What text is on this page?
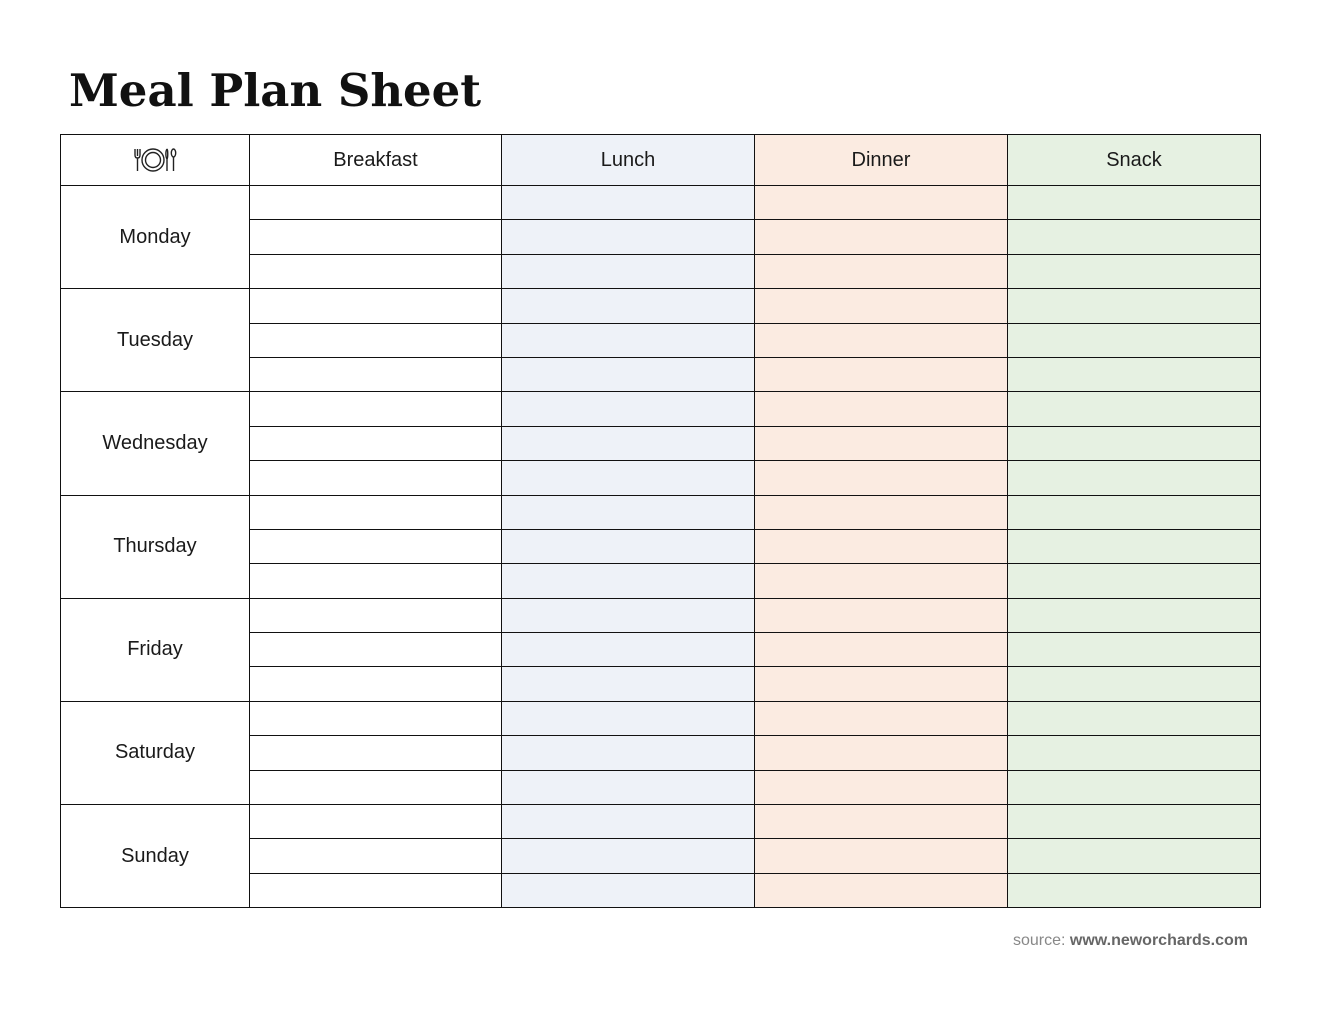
Meal Plan Sheet
	Breakfast	Lunch	Dinner	Snack
Monday				

Tuesday				

Wednesday				

Thursday				

Friday				

Saturday				

Sunday				

source: www.neworchards.com
